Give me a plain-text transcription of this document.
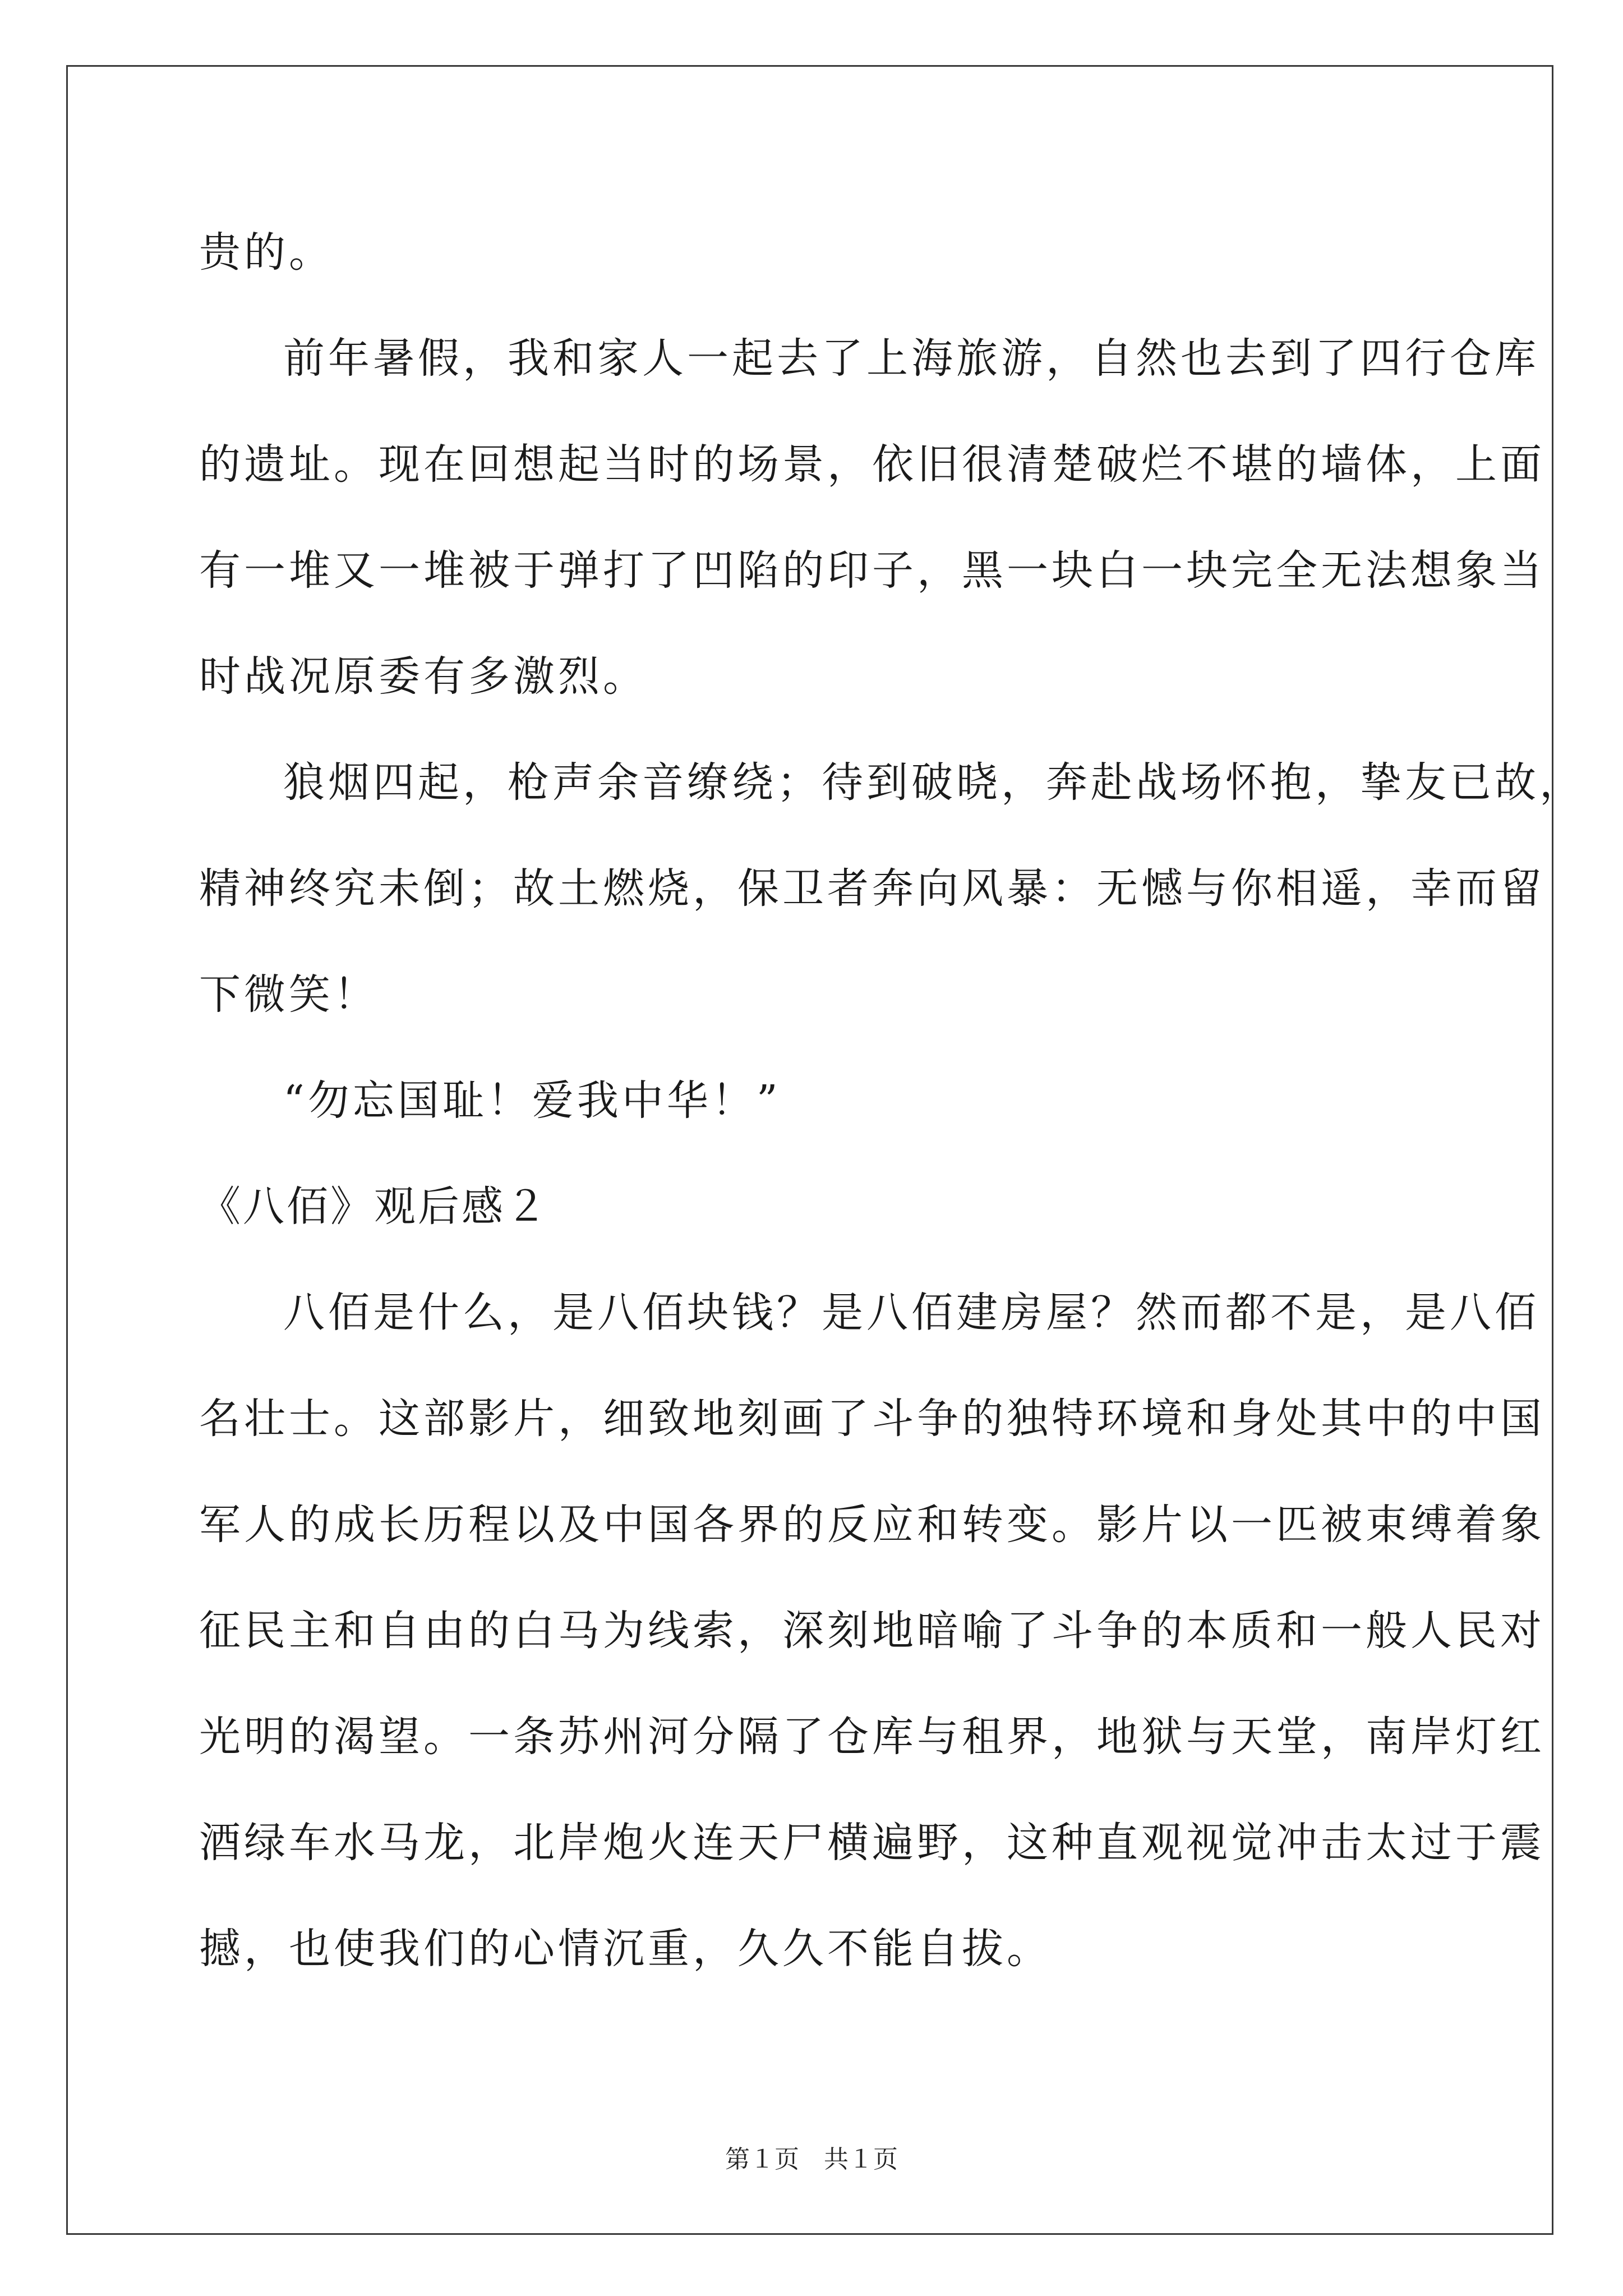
贵的。
前年暑假，我和家人一起去了上海旅游，自然也去到了四行仓库
的遗址。现在回想起当时的场景，依旧很清楚破烂不堪的墙体，上面
有一堆又一堆被于弹打了凹陷的印子，黑一块白一块完全无法想象当
时战况原委有多激烈。
狼烟四起，枪声余音缭绕；待到破晓，奔赴战场怀抱，挚友已故，
精神终究未倒；故土燃烧，保卫者奔向风暴：无憾与你相遥，幸而留
下微笑！
“勿忘国耻！爱我中华！”
《八佰》观后感２
八佰是什么，是八佰块钱？是八佰建房屋？然而都不是，是八佰
名壮士。这部影片，细致地刻画了斗争的独特环境和身处其中的中国
军人的成长历程以及中国各界的反应和转变。影片以一匹被束缚着象
征民主和自由的白马为线索，深刻地暗喻了斗争的本质和一般人民对
光明的渴望。一条苏州河分隔了仓库与租界，地狱与天堂，南岸灯红
酒绿车水马龙，北岸炮火连天尸横遍野，这种直观视觉冲击太过于震
撼，也使我们的心情沉重，久久不能自拔。
第１页　共１页
